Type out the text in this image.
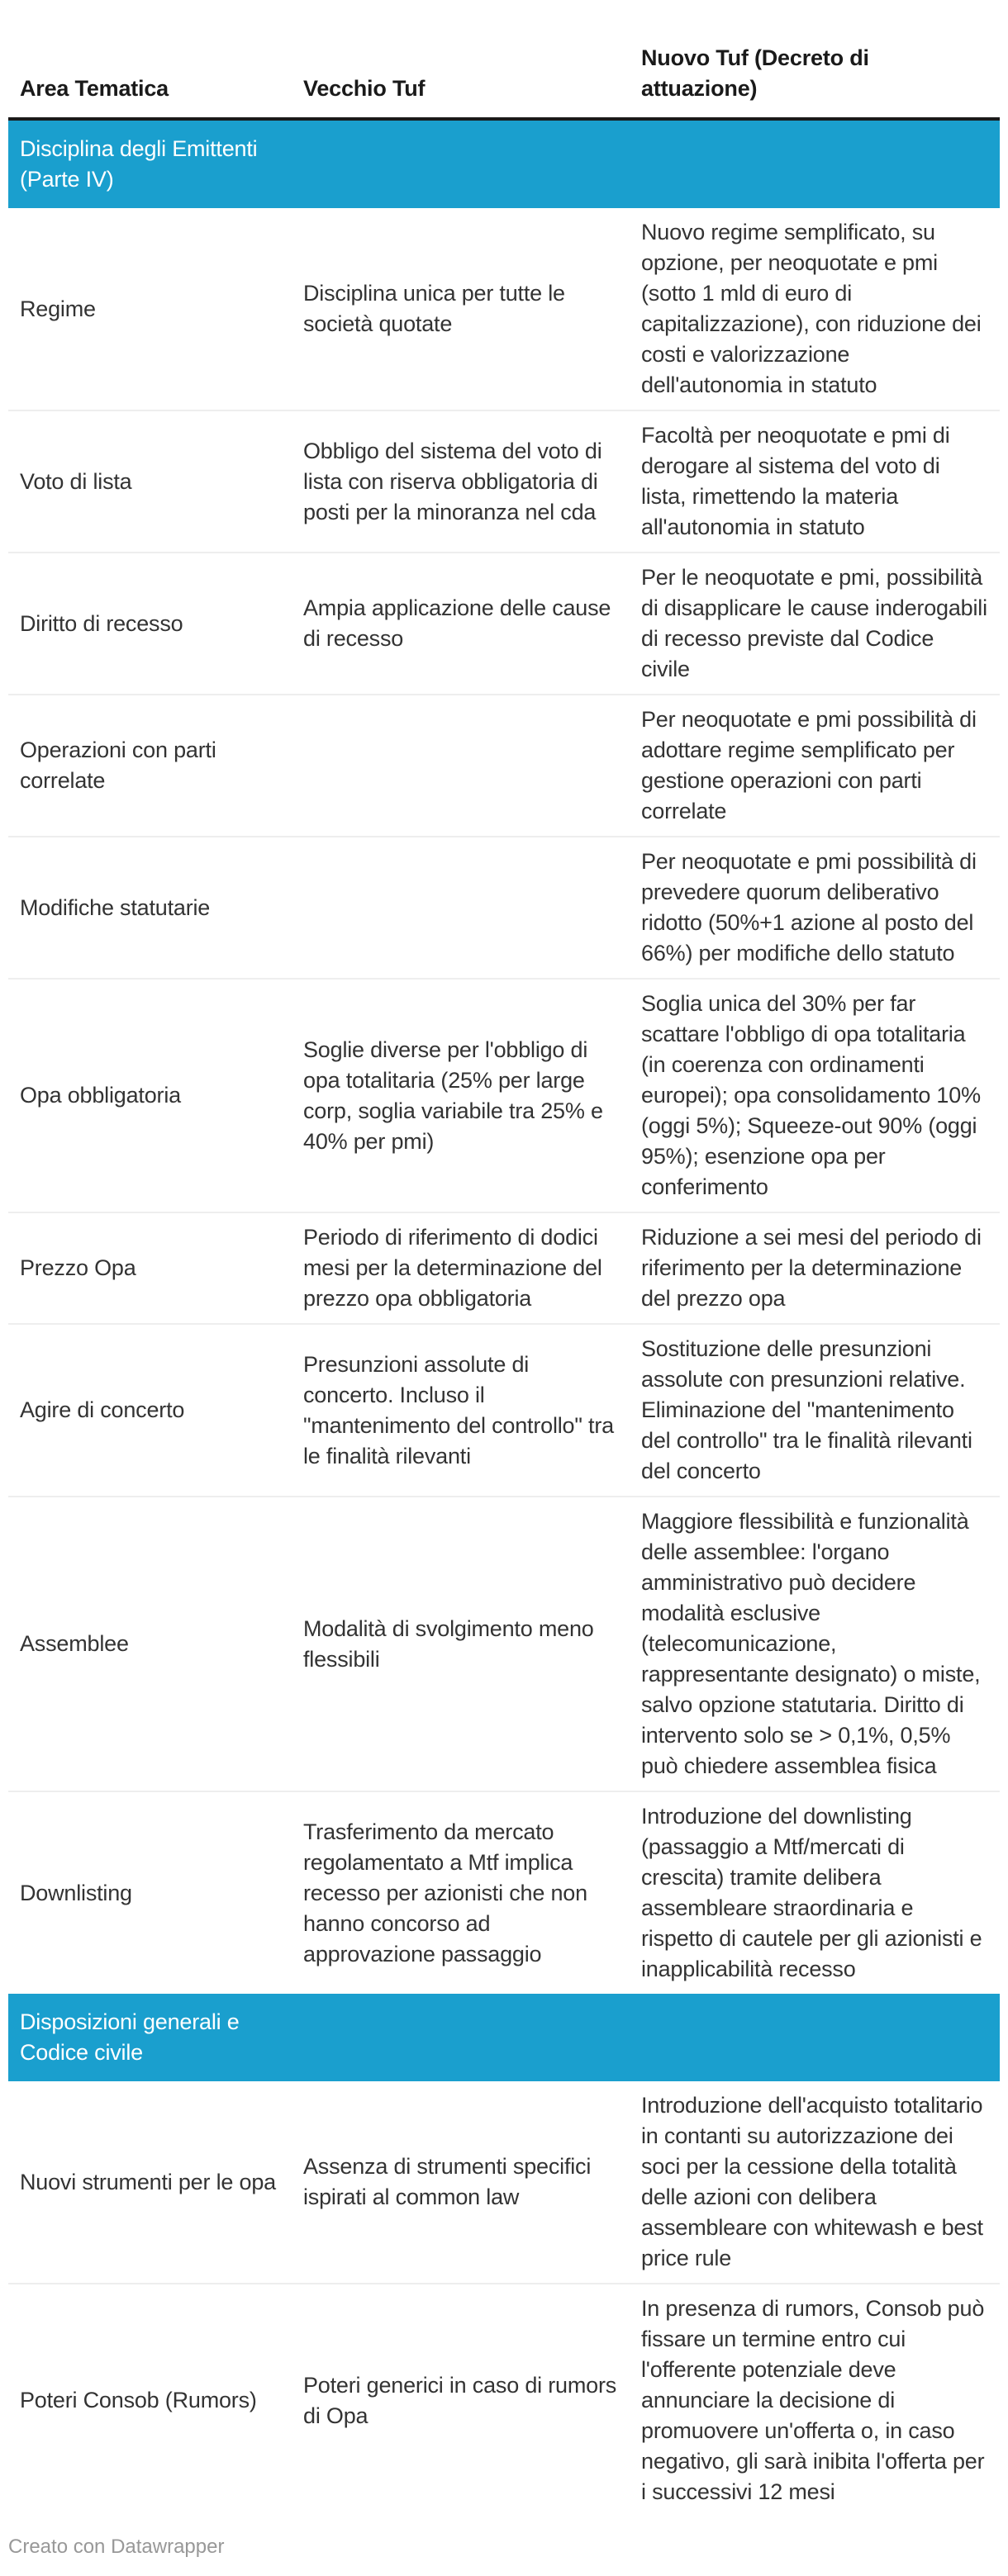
Area Tematica	Vecchio Tuf
Nuovo Tuf (Decreto di attuazione)
Disciplina degli Emittenti (Parte IV)
Regime
Disciplina unica per tutte le società quotate
Nuovo regime semplificato, su opzione, per neoquotate e pmi (sotto 1 mld di euro di capitalizzazione), con riduzione dei costi e valorizzazione dell'autonomia in statuto
Voto di lista
Obbligo del sistema del voto di lista con riserva obbligatoria di posti per la minoranza nel cda
Facoltà per neoquotate e pmi di derogare al sistema del voto di lista, rimettendo la materia all'autonomia in statuto
Diritto di recesso
Ampia applicazione delle cause di recesso
Per le neoquotate e pmi, possibilità di disapplicare le cause inderogabili di recesso previste dal Codice civile
Operazioni con parti correlate
Per neoquotate e pmi possibilità di adottare regime semplificato per gestione operazioni con parti correlate
Modifiche statutarie
Per neoquotate e pmi possibilità di prevedere quorum deliberativo ridotto (50%+1 azione al posto del 66%) per modifiche dello statuto
Opa obbligatoria
Soglie diverse per l'obbligo di opa totalitaria (25% per large corp, soglia variabile tra 25% e 40% per pmi)
Soglia unica del 30% per far scattare l'obbligo di opa totalitaria (in coerenza con ordinamenti europei); opa consolidamento 10% (oggi 5%); Squeeze-out 90% (oggi 95%); esenzione opa per conferimento
Prezzo Opa
Periodo di riferimento di dodici mesi per la determinazione del prezzo opa obbligatoria
Riduzione a sei mesi del periodo di riferimento per la determinazione del prezzo opa
Agire di concerto
Presunzioni assolute di concerto. Incluso il "mantenimento del controllo" tra le finalità rilevanti
Sostituzione delle presunzioni assolute con presunzioni relative. Eliminazione del "mantenimento del controllo" tra le finalità rilevanti del concerto
Assemblee
Modalità di svolgimento meno flessibili
Maggiore flessibilità e funzionalità delle assemblee: l'organo amministrativo può decidere modalità esclusive (telecomunicazione, rappresentante designato) o miste, salvo opzione statutaria. Diritto di intervento solo se > 0,1%, 0,5% può chiedere assemblea fisica
Downlisting
Trasferimento da mercato regolamentato a Mtf implica recesso per azionisti che non hanno concorso ad approvazione passaggio
Introduzione del downlisting (passaggio a Mtf/mercati di crescita) tramite delibera assembleare straordinaria e rispetto di cautele per gli azionisti e inapplicabilità recesso
Disposizioni generali e Codice civile
Nuovi strumenti per le opa
Assenza di strumenti specifici ispirati al common law
Introduzione dell'acquisto totalitario in contanti su autorizzazione dei soci per la cessione della totalità delle azioni con delibera assembleare con whitewash e best price rule
Poteri Consob (Rumors)
Poteri generici in caso di rumors di Opa
In presenza di rumors, Consob può fissare un termine entro cui l'offerente potenziale deve annunciare la decisione di promuovere un'offerta o, in caso negativo, gli sarà inibita l'offerta per i successivi 12 mesi
Creato con Datawrapper
